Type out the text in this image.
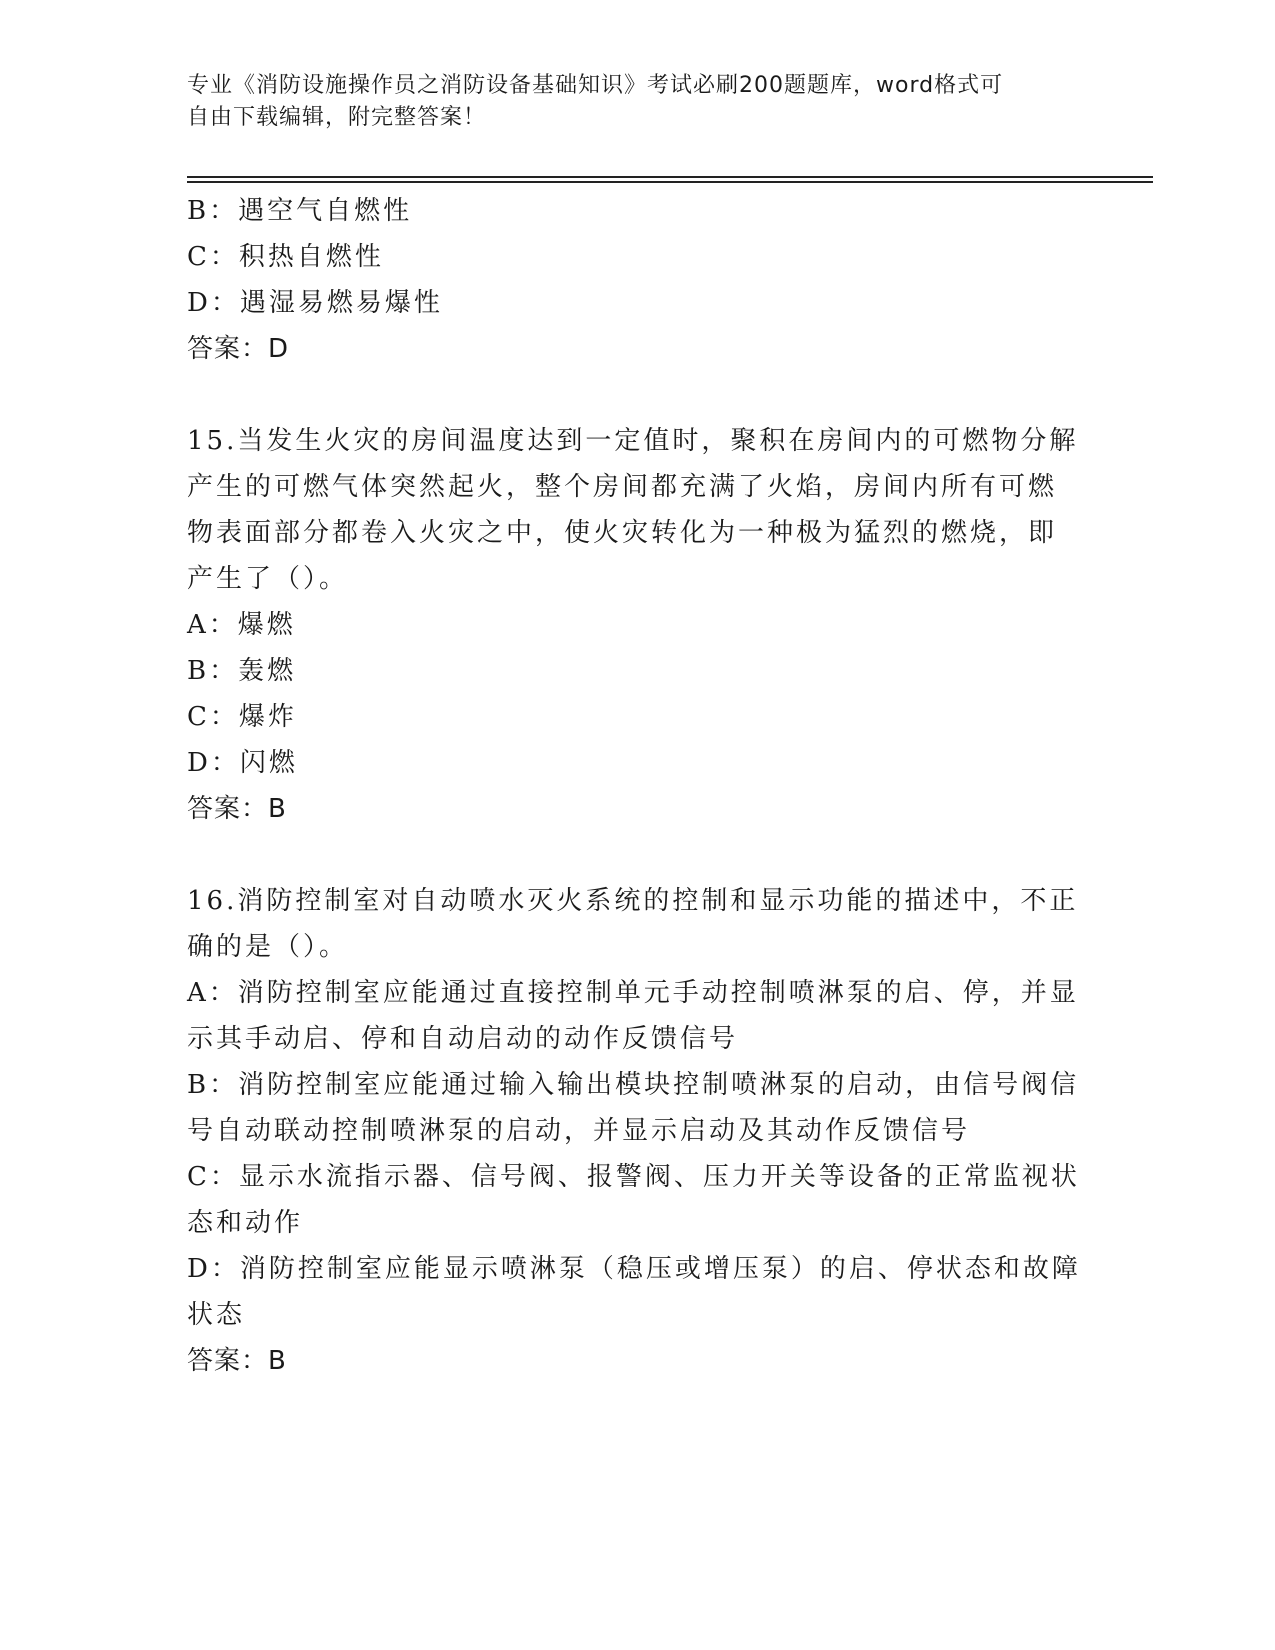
专业《消防设施操作员之消防设备基础知识》考试必刷200题题库，word格式可
自由下载编辑，附完整答案！
B：遇空气自燃性
C：积热自燃性
D：遇湿易燃易爆性
答案：D
15.当发生火灾的房间温度达到一定值时，聚积在房间内的可燃物分解
产生的可燃气体突然起火，整个房间都充满了火焰，房间内所有可燃
物表面部分都卷入火灾之中，使火灾转化为一种极为猛烈的燃烧，即
产生了（）。
A：爆燃
B：轰燃
C：爆炸
D：闪燃
答案：B
16.消防控制室对自动喷水灭火系统的控制和显示功能的描述中，不正
确的是（）。
A：消防控制室应能通过直接控制单元手动控制喷淋泵的启、停，并显
示其手动启、停和自动启动的动作反馈信号
B：消防控制室应能通过输入输出模块控制喷淋泵的启动，由信号阀信
号自动联动控制喷淋泵的启动，并显示启动及其动作反馈信号
C：显示水流指示器、信号阀、报警阀、压力开关等设备的正常监视状
态和动作
D：消防控制室应能显示喷淋泵（稳压或增压泵）的启、停状态和故障
状态
答案：B
